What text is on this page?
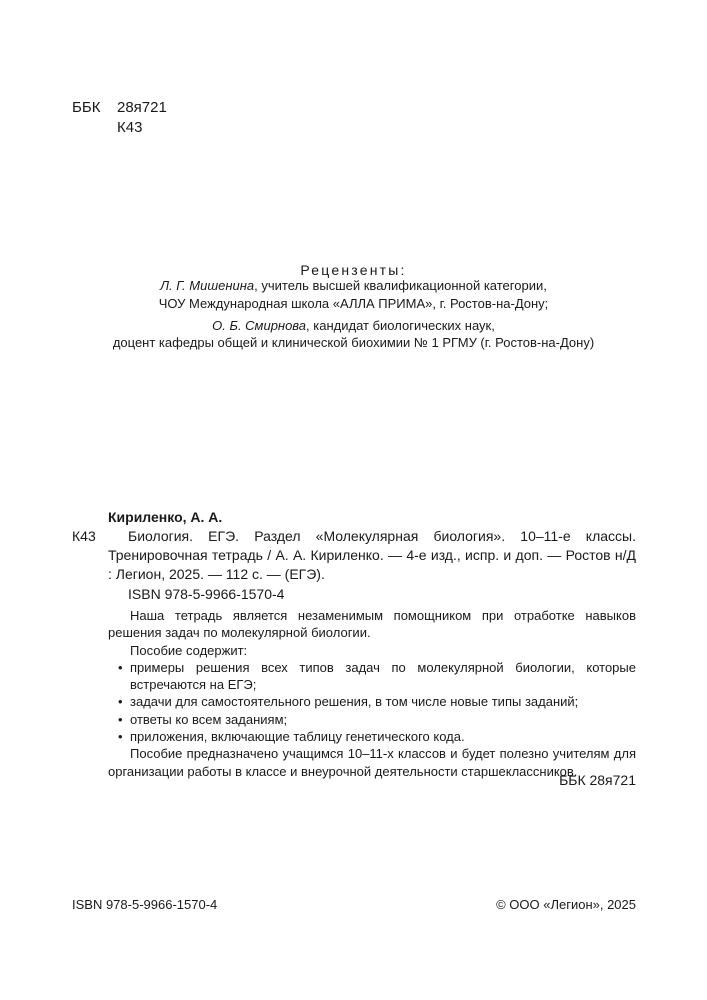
ББК 28я721
К43
Рецензенты:
Л. Г. Мишенина, учитель высшей квалификационной категории,
ЧОУ Международная школа «АЛЛА ПРИМА», г. Ростов-на-Дону;
О. Б. Смирнова, кандидат биологических наук,
доцент кафедры общей и клинической биохимии № 1 РГМУ (г. Ростов-на-Дону)
Кириленко, А. А.
К43	Биология. ЕГЭ. Раздел «Молекулярная биология». 10–11-е классы. Тренировочная тетрадь / А. А. Кириленко. — 4-е изд., испр. и доп. — Ростов н/Д : Легион, 2025. — 112 с. — (ЕГЭ).
ISBN 978-5-9966-1570-4

Наша тетрадь является незаменимым помощником при отработке навыков решения задач по молекулярной биологии.

Пособие содержит:

• примеры решения всех типов задач по молекулярной биологии, которые встречаются на ЕГЭ;
• задачи для самостоятельного решения, в том числе новые типы заданий;
• ответы ко всем заданиям;
• приложения, включающие таблицу генетического кода.

Пособие предназначено учащимся 10–11-х классов и будет полезно учителям для организации работы в классе и внеурочной деятельности старшеклассников.

ББК 28я721
ISBN 978-5-9966-1570-4	© ООО «Легион», 2025
